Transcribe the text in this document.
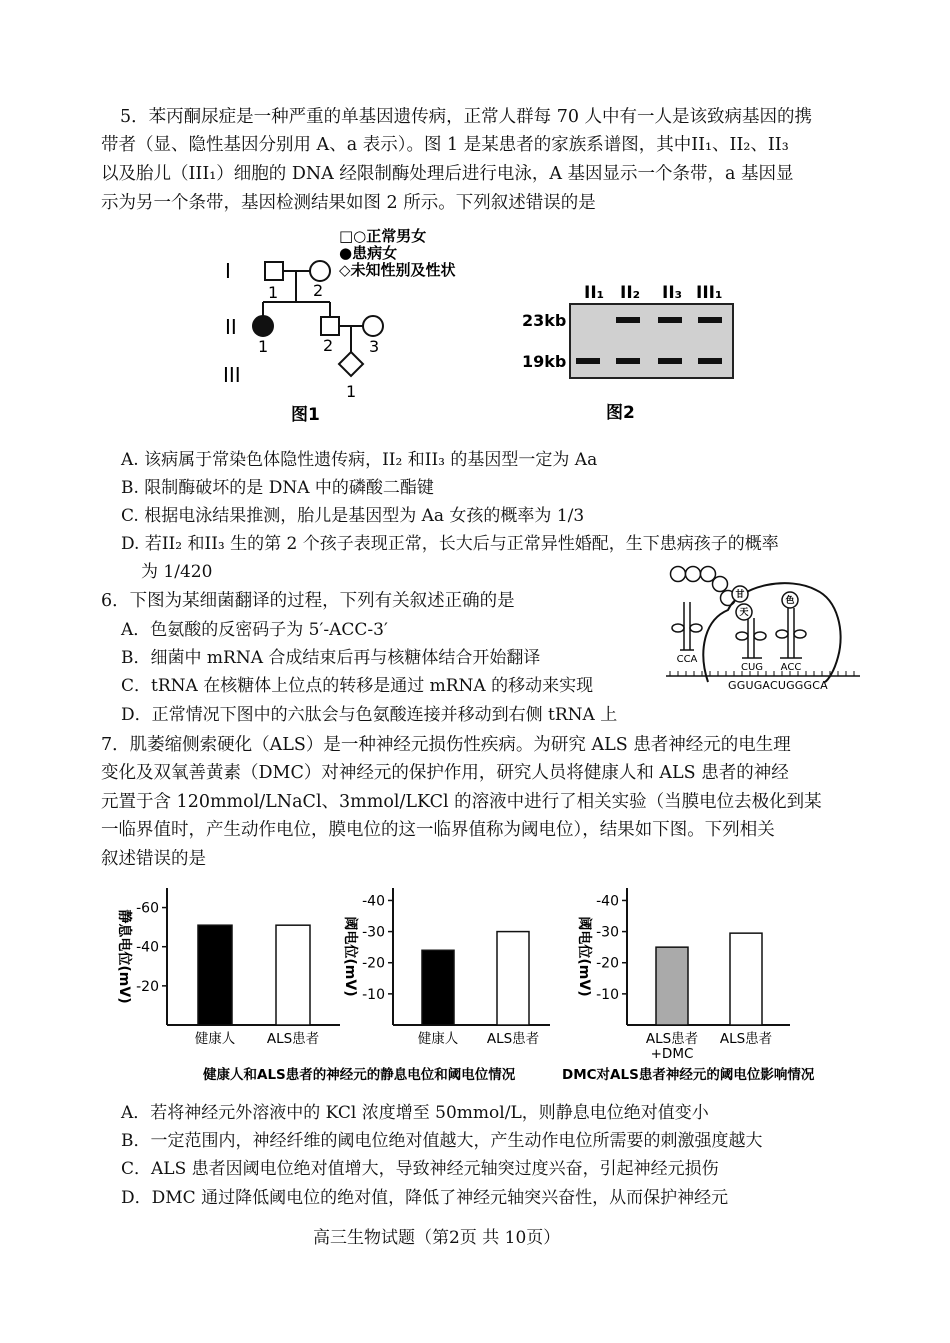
5．苯丙酮尿症是一种严重的单基因遗传病，正常人群每 70 人中有一人是该致病基因的携
带者（显、隐性基因分别用 A、a 表示）。图 1 是某患者的家族系谱图，其中II₁、II₂、II₃
以及胎儿（III₁）细胞的 DNA 经限制酶处理后进行电泳，A 基因显示一个条带，a 基因显
示为另一个条带，基因检测结果如图 2 所示。下列叙述错误的是
□○正常男女
●患病女
◇未知性别及性状
I
II
III
1 2
1	2 3
1
图1
II₁ II₂ II₃ III₁
23kb
19kb
图2
A. 该病属于常染色体隐性遗传病，II₂ 和II₃ 的基因型一定为 Aa
B. 限制酶破坏的是 DNA 中的磷酸二酯键
C. 根据电泳结果推测，胎儿是基因型为 Aa 女孩的概率为 1/3
D. 若II₂ 和II₃ 生的第 2 个孩子表现正常，长大后与正常异性婚配，生下患病孩子的概率
为 1/420
6．下图为某细菌翻译的过程，下列有关叙述正确的是
A．色氨酸的反密码子为 5′-ACC-3′
B．细菌中 mRNA 合成结束后再与核糖体结合开始翻译
C．tRNA 在核糖体上位点的转移是通过 mRNA 的移动来实现
D．正常情况下图中的六肽会与色氨酸连接并移动到右侧 tRNA 上
甘
天
色
CCA
CUG ACC
GGUGACUGGGCA
7．肌萎缩侧索硬化（ALS）是一种神经元损伤性疾病。为研究 ALS 患者神经元的电生理
变化及双氧善黄素（DMC）对神经元的保护作用，研究人员将健康人和 ALS 患者的神经
元置于含 120mmol/LNaCl、3mmol/LKCl 的溶液中进行了相关实验（当膜电位去极化到某
一临界值时，产生动作电位，膜电位的这一临界值称为阈电位），结果如下图。下列相关
叙述错误的是
健康人和ALS患者的神经元的静息电位和阈电位情况	DMC对ALS患者神经元的阈电位影响情况
-60
-40
-20
静息电位(mV)
健康人 ALS患者
-40
-30
-20
-10
阈电位(mV)
健康人 ALS患者
-40
-30
-20
-10
阈电位(mV)
ALS患者
+DMC
ALS患者
A．若将神经元外溶液中的 KCl 浓度增至 50mmol/L，则静息电位绝对值变小
B．一定范围内，神经纤维的阈电位绝对值越大，产生动作电位所需要的刺激强度越大
C．ALS 患者因阈电位绝对值增大，导致神经元轴突过度兴奋，引起神经元损伤
D．DMC 通过降低阈电位的绝对值，降低了神经元轴突兴奋性，从而保护神经元
高三生物试题（第2页 共 10页）
